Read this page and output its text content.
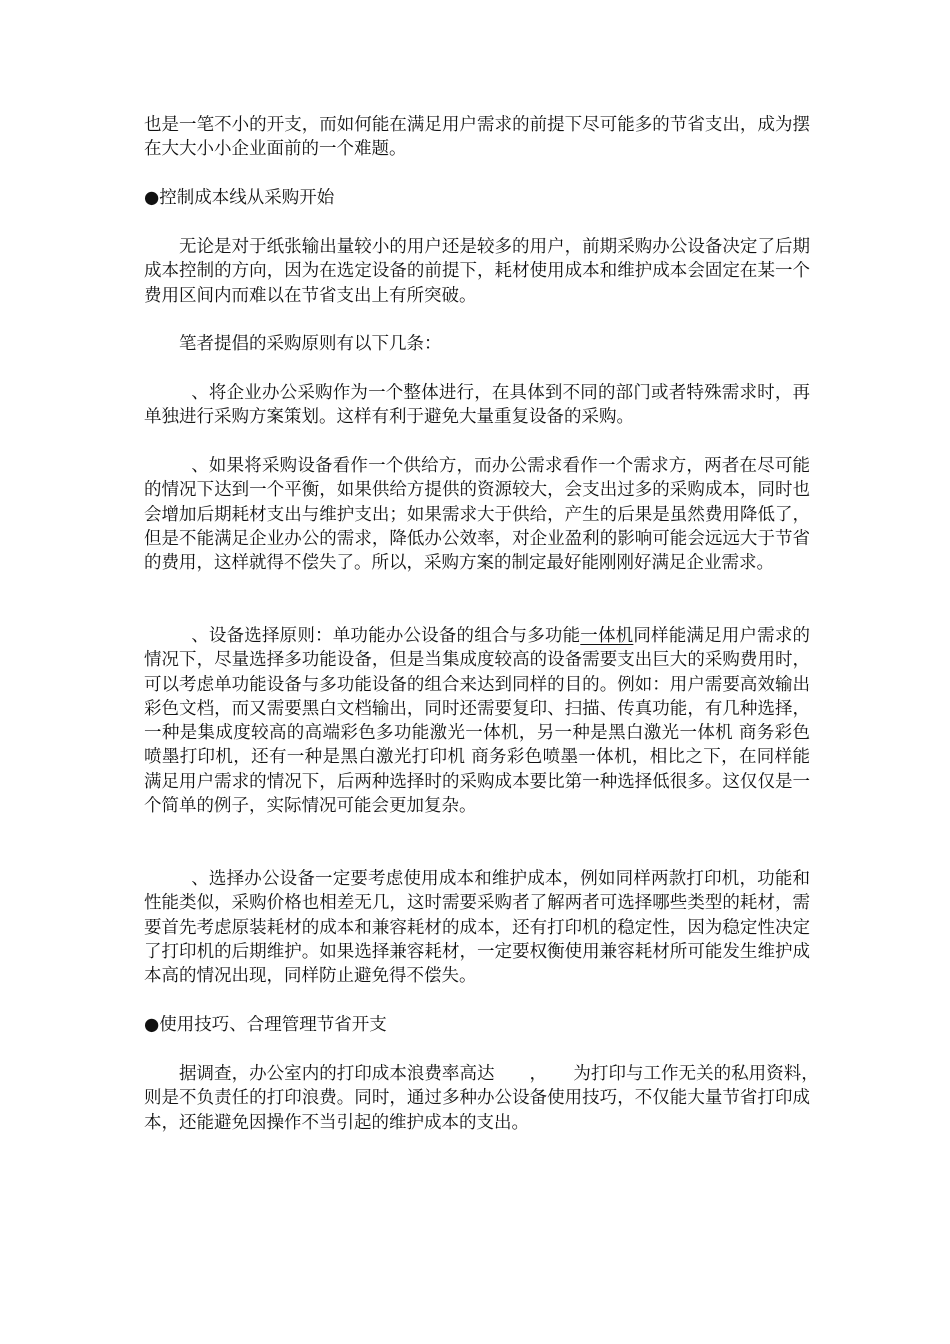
也是一笔不小的开支，而如何能在满足用户需求的前提下尽可能多的节省支出，成为摆在大大小小企业面前的一个难题。
●控制成本线从采购开始
无论是对于纸张输出量较小的用户还是较多的用户，前期采购办公设备决定了后期成本控制的方向，因为在选定设备的前提下，耗材使用成本和维护成本会固定在某一个费用区间内而难以在节省支出上有所突破。
笔者提倡的采购原则有以下几条：
、将企业办公采购作为一个整体进行，在具体到不同的部门或者特殊需求时，再单独进行采购方案策划。这样有利于避免大量重复设备的采购。
、如果将采购设备看作一个供给方，而办公需求看作一个需求方，两者在尽可能的情况下达到一个平衡，如果供给方提供的资源较大，会支出过多的采购成本，同时也会增加后期耗材支出与维护支出；如果需求大于供给，产生的后果是虽然费用降低了，但是不能满足企业办公的需求，降低办公效率，对企业盈利的影响可能会远远大于节省的费用，这样就得不偿失了。所以，采购方案的制定最好能刚刚好满足企业需求。
、设备选择原则：单功能办公设备的组合与多功能一体机同样能满足用户需求的情况下，尽量选择多功能设备，但是当集成度较高的设备需要支出巨大的采购费用时，可以考虑单功能设备与多功能设备的组合来达到同样的目的。例如：用户需要高效输出彩色文档，而又需要黑白文档输出，同时还需要复印、扫描、传真功能，有几种选择，一种是集成度较高的高端彩色多功能激光一体机，另一种是黑白激光一体机 商务彩色喷墨打印机，还有一种是黑白激光打印机 商务彩色喷墨一体机，相比之下，在同样能满足用户需求的情况下，后两种选择时的采购成本要比第一种选择低很多。这仅仅是一个简单的例子，实际情况可能会更加复杂。
、选择办公设备一定要考虑使用成本和维护成本，例如同样两款打印机，功能和性能类似，采购价格也相差无几，这时需要采购者了解两者可选择哪些类型的耗材，需要首先考虑原装耗材的成本和兼容耗材的成本，还有打印机的稳定性，因为稳定性决定了打印机的后期维护。如果选择兼容耗材，一定要权衡使用兼容耗材所可能发生维护成本高的情况出现，同样防止避免得不偿失。
●使用技巧、合理管理节省开支
据调查，办公室内的打印成本浪费率高达　　，　　为打印与工作无关的私用资料，　　则是不负责任的打印浪费。同时，通过多种办公设备使用技巧，不仅能大量节省打印成本，还能避免因操作不当引起的维护成本的支出。
